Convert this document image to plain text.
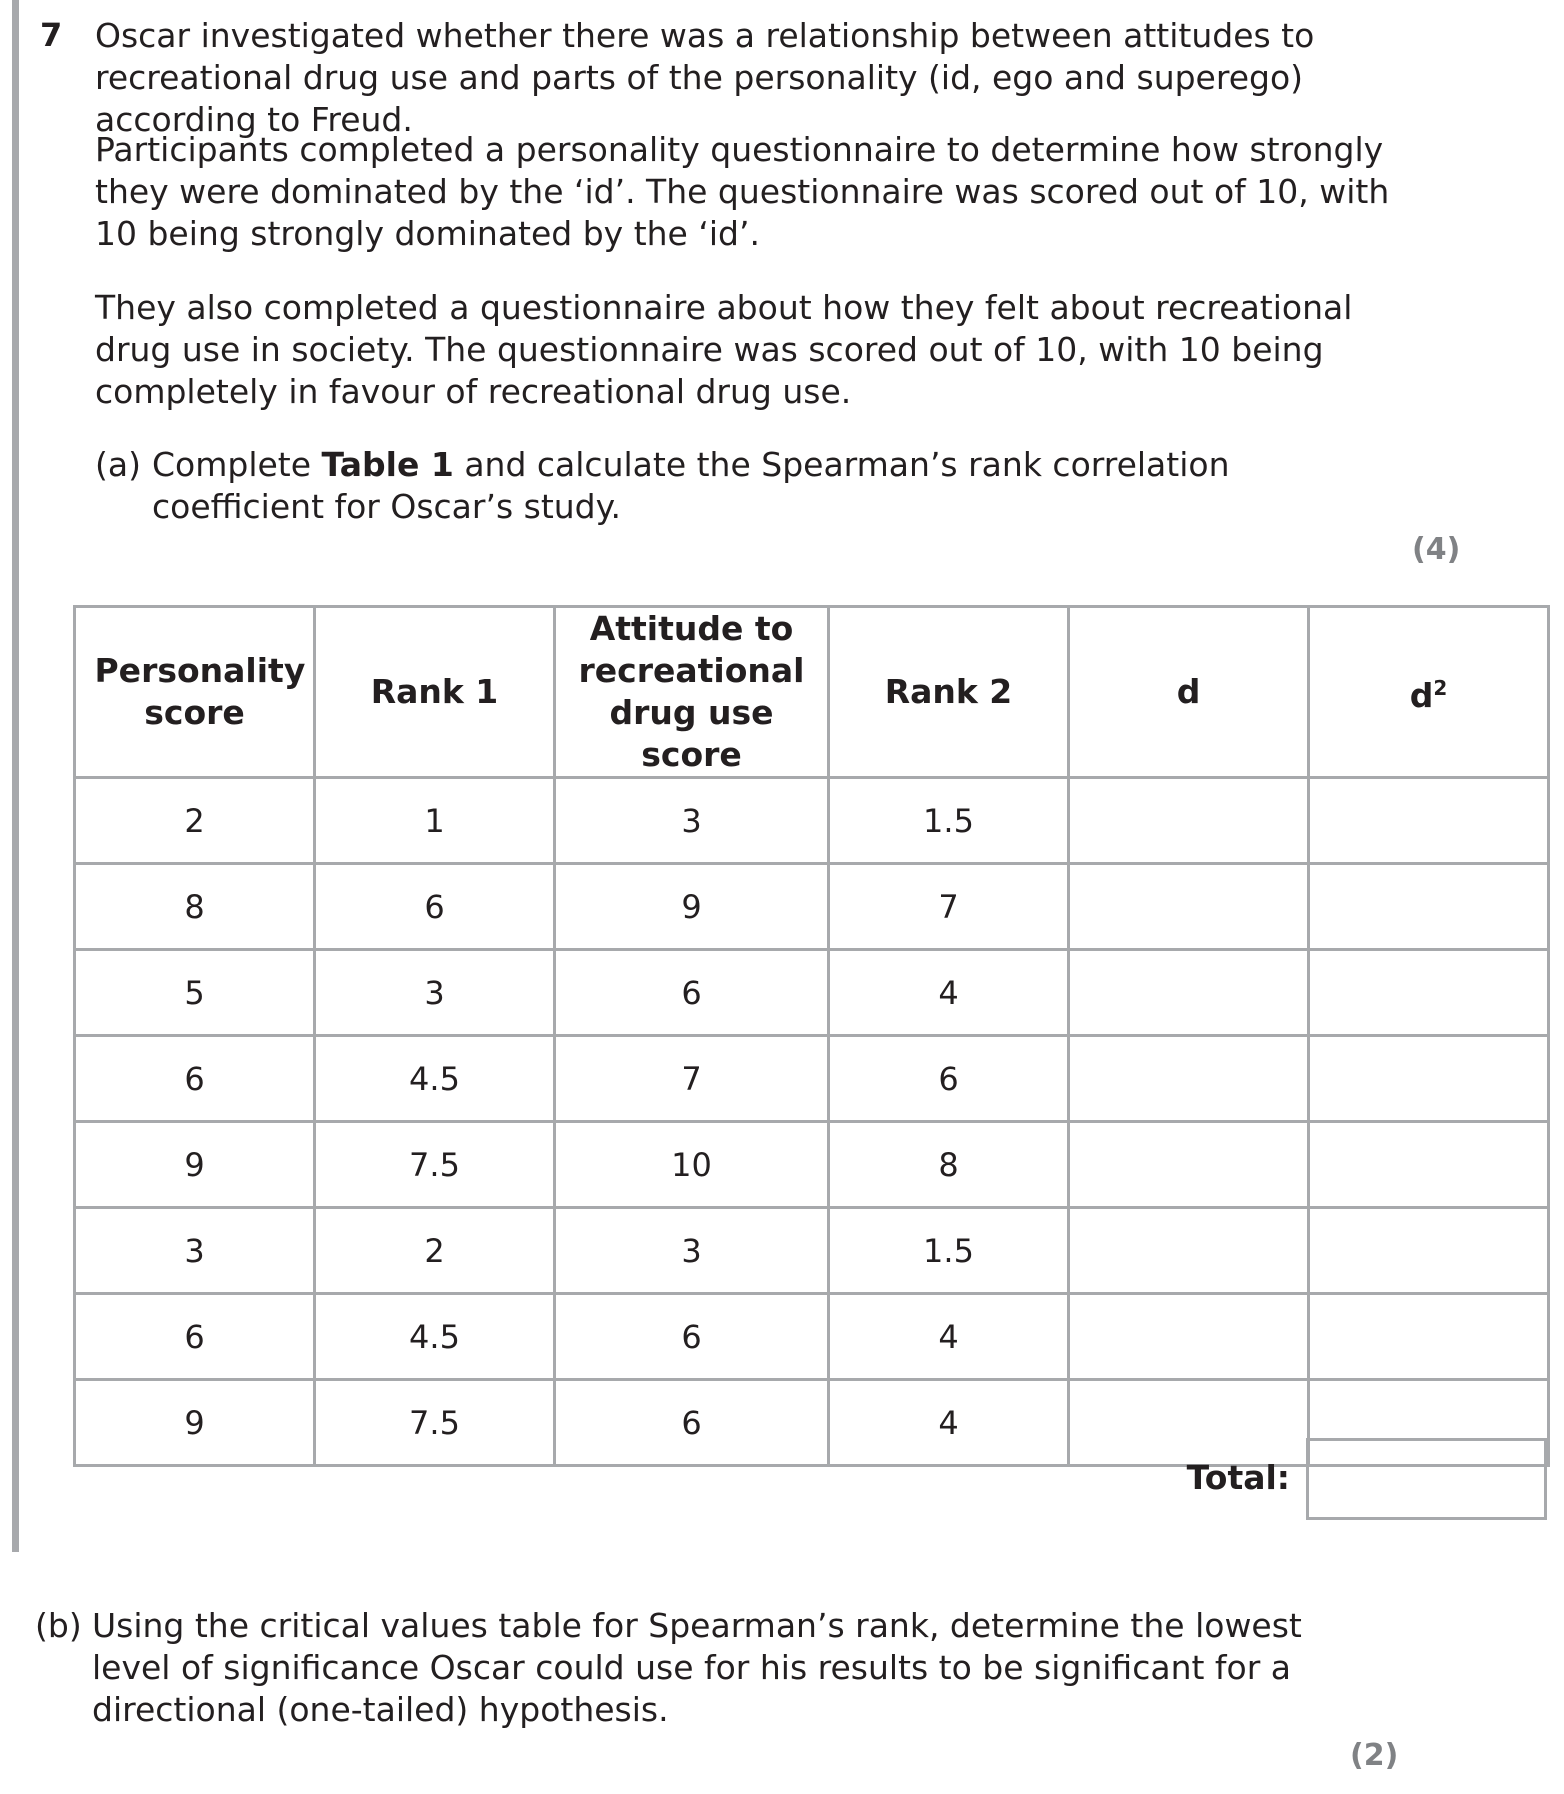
7 Oscar investigated whether there was a relationship between attitudes to recreational drug use and parts of the personality (id, ego and superego) according to Freud.

Participants completed a personality questionnaire to determine how strongly they were dominated by the ‘id’. The questionnaire was scored out of 10, with 10 being strongly dominated by the ‘id’.

They also completed a questionnaire about how they felt about recreational drug use in society. The questionnaire was scored out of 10, with 10 being completely in favour of recreational drug use.

(a) Complete Table 1 and calculate the Spearman’s rank correlation coefficient for Oscar’s study.
(4)
Personality score	Rank 1	Attitude to recreational drug use score	Rank 2	d	$d^2$
2	1	3	1.5		
8	6	9	7		
5	3	6	4		
6	4.5	7	6		
9	7.5	10	8		
3	2	3	1.5		
6	4.5	6	4		
9	7.5	6	4		
Total:
(b) Using the critical values table for Spearman’s rank, determine the lowest level of significance Oscar could use for his results to be significant for a directional (one-tailed) hypothesis.
(2)
